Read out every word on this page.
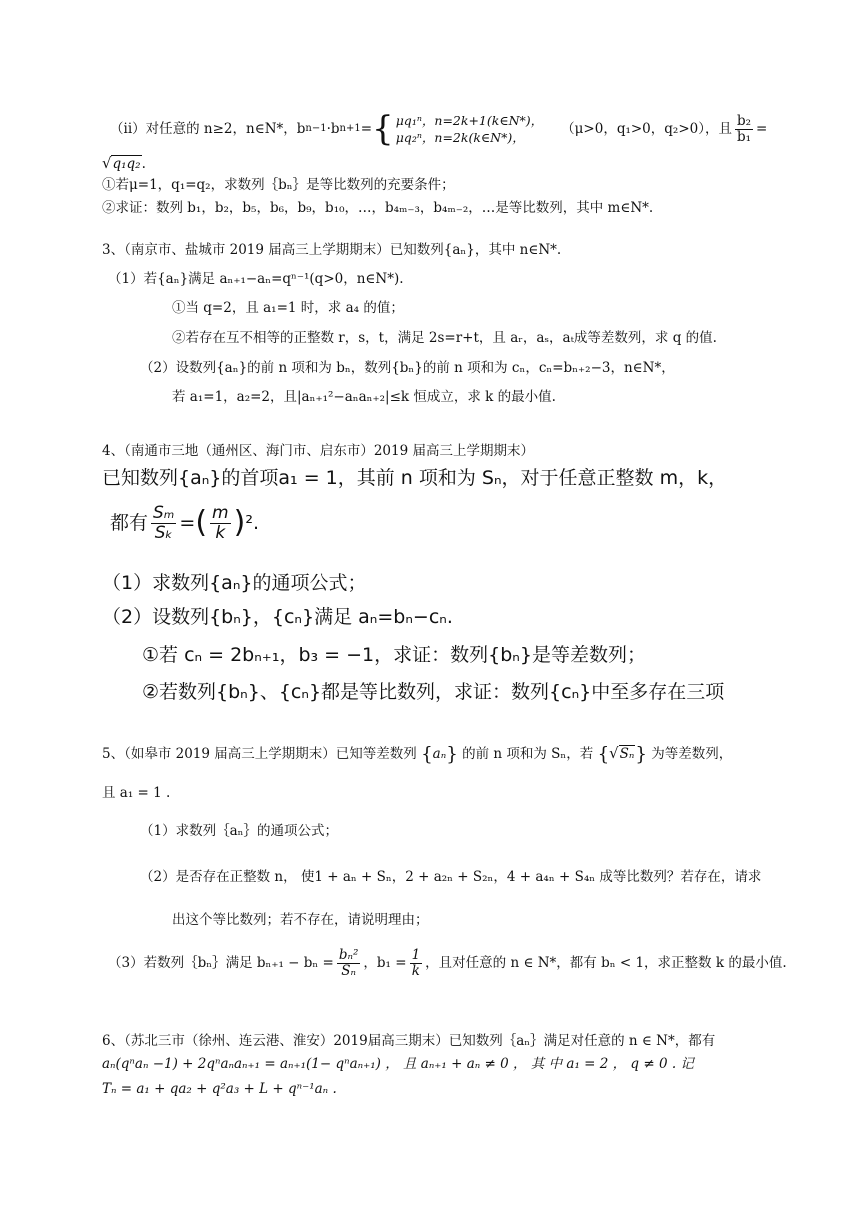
（ii）对任意的 n≥2，n∈N*，b n−1 ·b n+1 = { μq₁ⁿ，n=2k+1(k∈N*)，
μq₂ⁿ，n=2k(k∈N*)，
（μ>0，q₁>0，q₂>0），且 $\frac{\text{b₂}}{\text{b₁}}$ =
√q₁q₂.
①若μ=1，q₁=q₂，求数列｛bₙ｝是等比数列的充要条件；
②求证：数列 b₁，b₂，b₅，b₆，b₉，b₁₀，…，b₄ₘ₋₃，b₄ₘ₋₂，…是等比数列，其中 m∈N*.
3、（南京市、盐城市 2019 届高三上学期期末）已知数列{aₙ}，其中 n∈N*.
（1）若{aₙ}满足 aₙ₊₁−aₙ=qⁿ⁻¹(q>0，n∈N*).
①当 q=2，且 a₁=1 时，求 a₄ 的值；
②若存在互不相等的正整数 r，s，t，满足 2s=r+t，且 aᵣ，aₛ，aₜ成等差数列，求 q 的值.
（2）设数列{aₙ}的前 n 项和为 bₙ，数列{bₙ}的前 n 项和为 cₙ，cₙ=bₙ₊₂−3，n∈N*，
若 a₁=1，a₂=2，且|aₙ₊₁²−aₙaₙ₊₂|≤k 恒成立，求 k 的最小值.
4、（南通市三地（通州区、海门市、启东市）2019 届高三上学期期末）
已知数列{aₙ}的首项a₁ = 1，其前 n 项和为 Sₙ，对于任意正整数 m，k，
都有 $\frac{\text{Sₘ}}{\text{Sₖ}}$ = ( $\frac{m}{k}$ ) ².
（1）求数列{aₙ}的通项公式；
（2）设数列{bₙ}，{cₙ}满足 aₙ=bₙ−cₙ.
①若 cₙ = 2bₙ₊₁，b₃ = −1，求证：数列{bₙ}是等差数列；
②若数列{bₙ}、{cₙ}都是等比数列，求证：数列{cₙ}中至多存在三项
5、（如皋市 2019 届高三上学期期末）已知等差数列 {aₙ} 的前 n 项和为 Sₙ，若 {√Sₙ} 为等差数列，
且 a₁ = 1 .
（1）求数列｛aₙ｝的通项公式；
（2）是否存在正整数 n， 使1 + aₙ + Sₙ，2 + a₂ₙ + S₂ₙ，4 + a₄ₙ + S₄ₙ 成等比数列？若存在，请求
出这个等比数列；若不存在，请说明理由；
（3）若数列｛bₙ｝满足 $b_{n+1} - b_n = \frac{\text{bₙ²}}{\text{Sₙ}}$ ，$b_1 = \frac{1}{k}$ ，且对任意的 n ∈ N*，都有 bₙ < 1，求正整数 k 的最小值.
6、（苏北三市（徐州、连云港、淮安）2019届高三期末）已知数列｛aₙ｝满足对任意的 n ∈ N*，都有
aₙ(qⁿaₙ −1) + 2qⁿaₙaₙ₊₁ = aₙ₊₁(1− qⁿaₙ₊₁) ， 且 aₙ₊₁ + aₙ ≠ 0 ， 其 中 a₁ = 2 ， q ≠ 0 . 记
Tₙ = a₁ + qa₂ + q²a₃ + L + qⁿ⁻¹aₙ .
